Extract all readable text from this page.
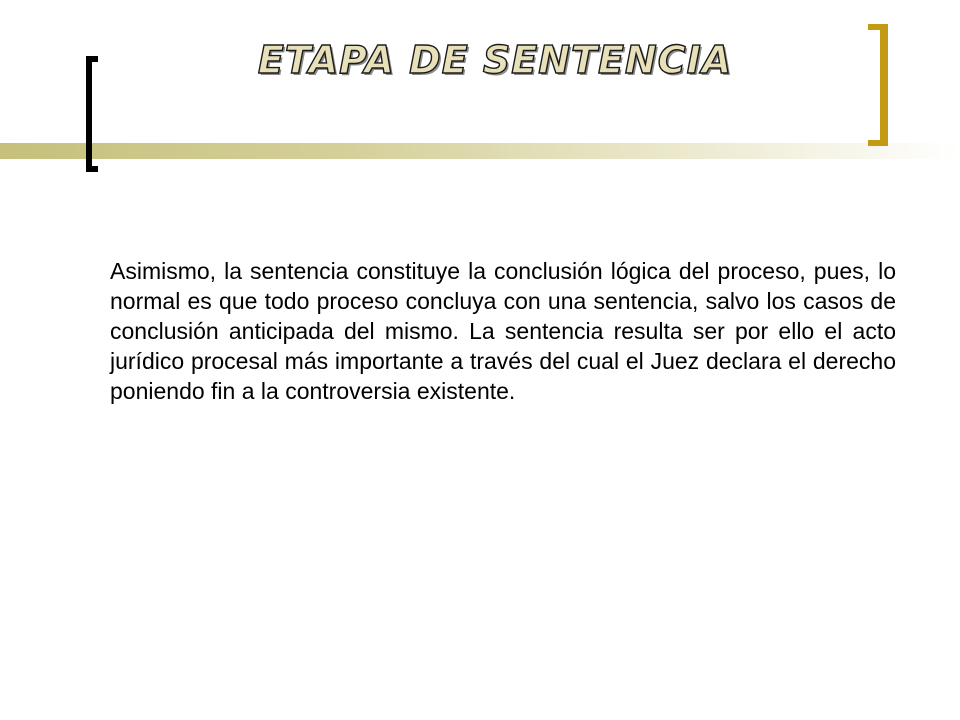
ETAPA DE SENTENCIA
Asimismo, la sentencia constituye la conclusión lógica del proceso, pues, lo normal es que todo proceso concluya con una sentencia, salvo los casos de conclusión anticipada del mismo. La sentencia resulta ser por ello el acto jurídico procesal más importante a través del cual el Juez declara el derecho poniendo fin a la controversia existente.
